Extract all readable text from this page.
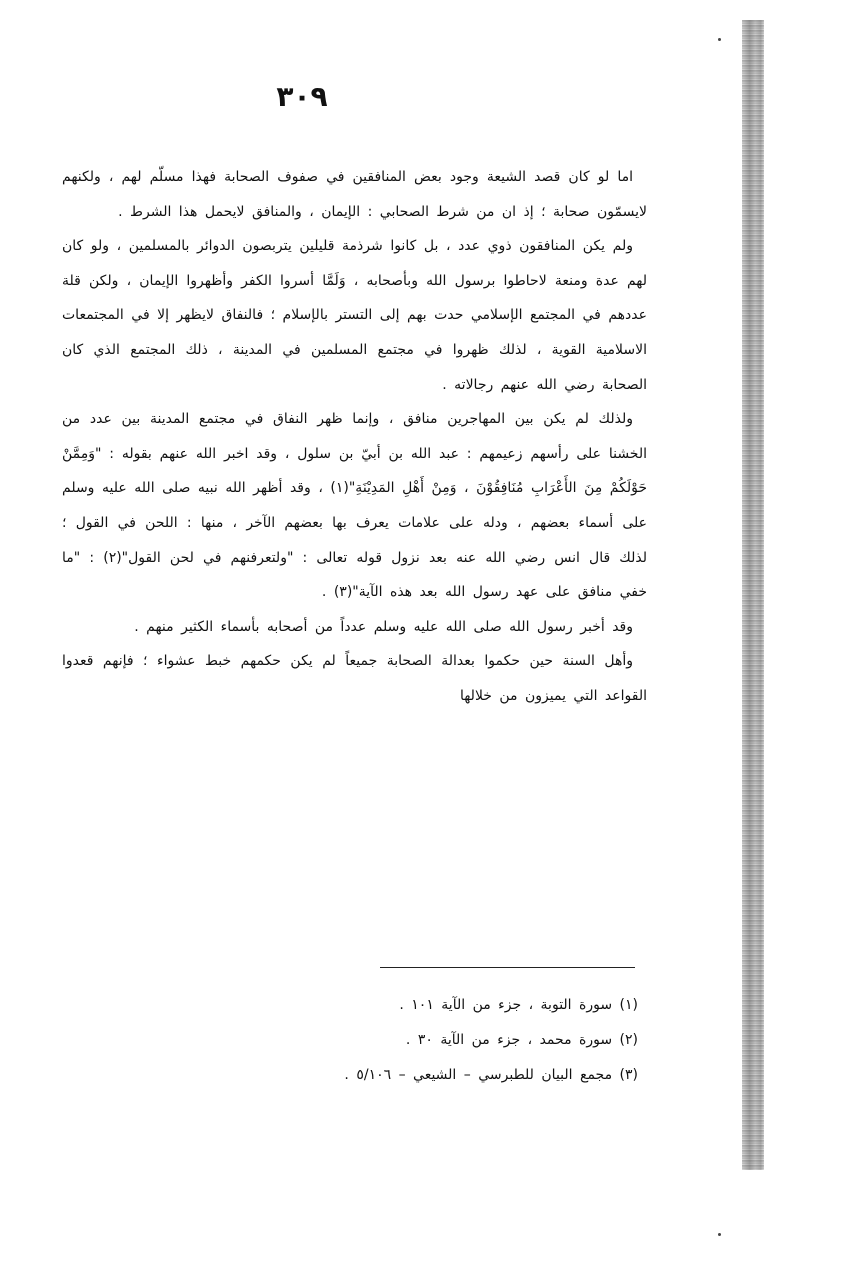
٣٠٩

اما لو كان قصد الشيعة وجود بعض المنافقين في صفوف الصحابة فهذا مسلّم لهم ، ولكنهم لايسمّون صحابة ؛ إذ ان من شرط الصحابي : الإيمان ، والمنافق لايحمل هذا الشرط .

ولم يكن المنافقون ذوي عدد ، بل كانوا شرذمة قليلين يتربصون الدوائر بالمسلمين ، ولو كان لهم عدة ومنعة لاحاطوا برسول الله وبأصحابه ، وَلَمَّا أسروا الكفر وأظهروا الإيمان ، ولكن قلة عددهم في المجتمع الإسلامي حدت بهم إلى التستر بالإسلام ؛ فالنفاق لايظهر إلا في المجتمعات الاسلامية القوية ، لذلك ظهروا في مجتمع المسلمين في المدينة ، ذلك المجتمع الذي كان الصحابة رضي الله عنهم رجالاته .

ولذلك لم يكن بين المهاجرين منافق ، وإنما ظهر النفاق في مجتمع المدينة بين عدد من الخشنا على رأسهم زعيمهم : عبد الله بن أبيّ بن سلول ، وقد اخبر الله عنهم بقوله : "وَمِمَّنْ حَوْلَكُمْ مِنَ الأَعْرَابِ مُنَافِقُوْنَ ، وَمِنْ أَهْلِ المَدِيْنَةِ"(١) ، وقد أظهر الله نبيه صلى الله عليه وسلم على أسماء بعضهم ، ودله على علامات يعرف بها بعضهم الآخر ، منها : اللحن في القول ؛ لذلك قال انس رضي الله عنه بعد نزول قوله تعالى : "ولتعرفنهم في لحن القول"(٢) : "ما خفي منافق على عهد رسول الله بعد هذه الآية"(٣) .

وقد أخبر رسول الله صلى الله عليه وسلم عدداً من أصحابه بأسماء الكثير منهم .

وأهل السنة حين حكموا بعدالة الصحابة جميعاً لم يكن حكمهم خبط عشواء ؛ فإنهم قعدوا القواعد التي يميزون من خلالها

(١) سورة التوبة ، جزء من الآية ١٠١ .
(٢) سورة محمد ، جزء من الآية ٣٠ .
(٣) مجمع البيان للطبرسي – الشيعي – ٥/١٠٦ .
